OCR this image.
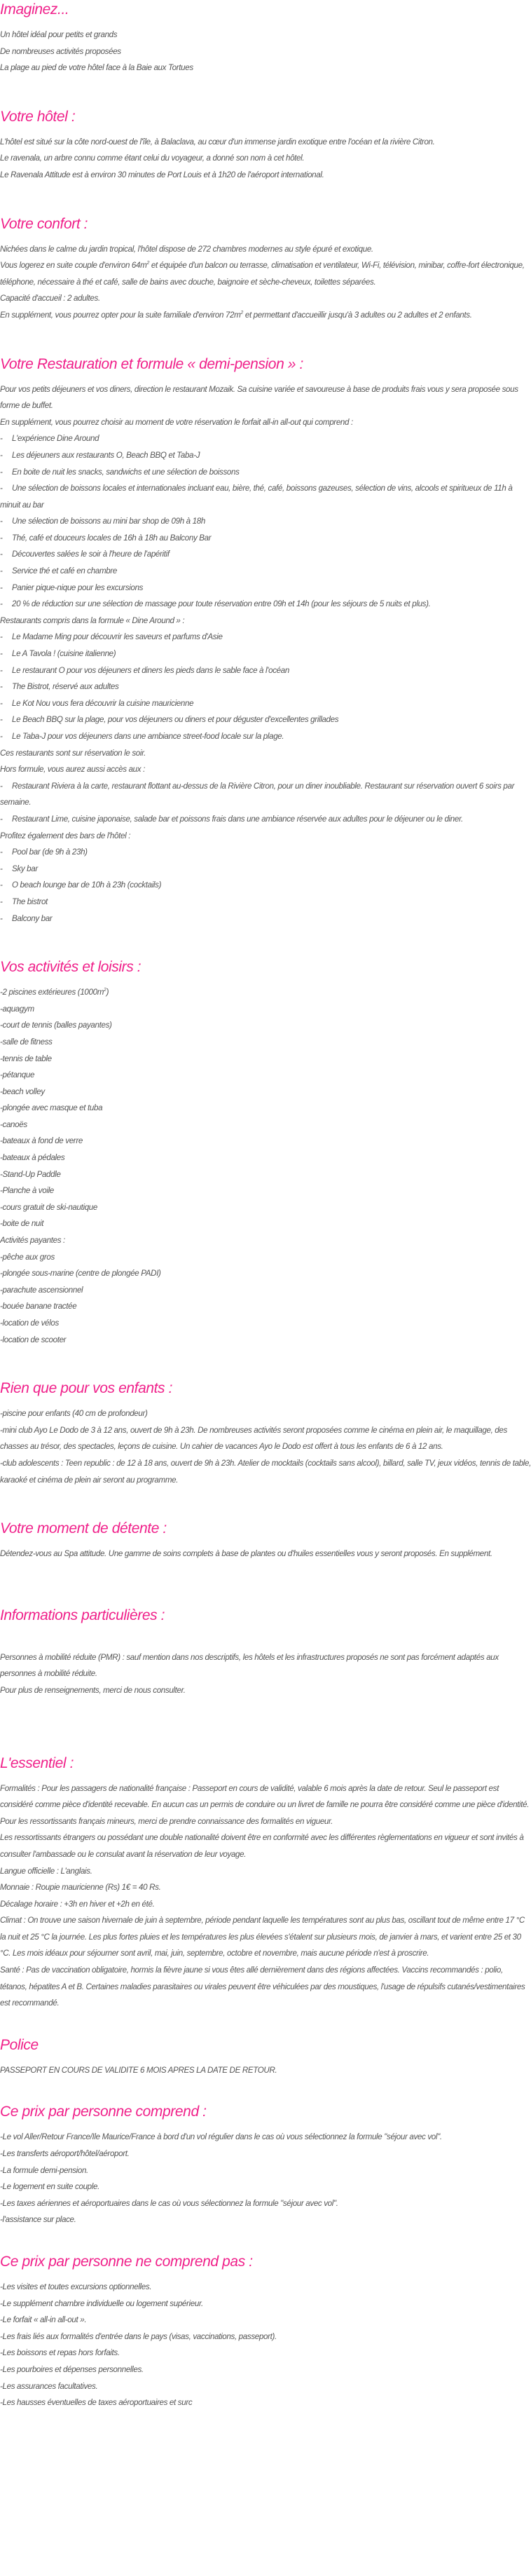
Imaginez...
Un hôtel idéal pour petits et grands
De nombreuses activités proposées
La plage au pied de votre hôtel face à la Baie aux Tortues
Votre hôtel :
L'hôtel est situé sur la côte nord-ouest de l'île, à Balaclava, au cœur d'un immense jardin exotique entre l'océan et la rivière Citron.
Le ravenala, un arbre connu comme étant celui du voyageur, a donné son nom à cet hôtel.
Le Ravenala Attitude est à environ 30 minutes de Port Louis et à 1h20 de l'aéroport international.
Votre confort :
Nichées dans le calme du jardin tropical, l'hôtel dispose de 272 chambres modernes au style épuré et exotique.
Vous logerez en suite couple d'environ $64m^2$ et équipée d'un balcon ou terrasse, climatisation et ventilateur, Wi-Fi, télévision, minibar, coffre-fort électronique, téléphone, nécessaire à thé et café, salle de bains avec douche, baignoire et sèche-cheveux, toilettes séparées.
Capacité d'accueil : 2 adultes.
En supplément, vous pourrez opter pour la suite familiale d'environ $72m^2$ et permettant d'accueillir jusqu'à 3 adultes ou 2 adultes et 2 enfants.
Votre Restauration et formule « demi-pension » :
Pour vos petits déjeuners et vos diners, direction le restaurant Mozaik. Sa cuisine variée et savoureuse à base de produits frais vous y sera proposée sous forme de buffet.
En supplément, vous pourrez choisir au moment de votre réservation le forfait all-in all-out qui comprend :
- L'expérience Dine Around
- Les déjeuners aux restaurants O, Beach BBQ et Taba-J
- En boite de nuit les snacks, sandwichs et une sélection de boissons
- Une sélection de boissons locales et internationales incluant eau, bière, thé, café, boissons gazeuses, sélection de vins, alcools et spiritueux de 11h à minuit au bar
- Une sélection de boissons au mini bar shop de 09h à 18h
- Thé, café et douceurs locales de 16h à 18h au Balcony Bar
- Découvertes salées le soir à l'heure de l'apéritif
- Service thé et café en chambre
- Panier pique-nique pour les excursions
- 20 % de réduction sur une sélection de massage pour toute réservation entre 09h et 14h (pour les séjours de 5 nuits et plus).
Restaurants compris dans la formule « Dine Around » :
- Le Madame Ming pour découvrir les saveurs et parfums d'Asie
- Le A Tavola ! (cuisine italienne)
- Le restaurant O pour vos déjeuners et diners les pieds dans le sable face à l'océan
- The Bistrot, réservé aux adultes
- Le Kot Nou vous fera découvrir la cuisine mauricienne
- Le Beach BBQ sur la plage, pour vos déjeuners ou diners et pour déguster d'excellentes grillades
- Le Taba-J pour vos déjeuners dans une ambiance street-food locale sur la plage.
Ces restaurants sont sur réservation le soir.
Hors formule, vous aurez aussi accès aux :
- Restaurant Riviera à la carte, restaurant flottant au-dessus de la Rivière Citron, pour un diner inoubliable. Restaurant sur réservation ouvert 6 soirs par semaine.
- Restaurant Lime, cuisine japonaise, salade bar et poissons frais dans une ambiance réservée aux adultes pour le déjeuner ou le diner.
Profitez également des bars de l'hôtel :
- Pool bar (de 9h à 23h)
- Sky bar
- O beach lounge bar de 10h à 23h (cocktails)
- The bistrot
- Balcony bar
Vos activités et loisirs :
-2 piscines extérieures $(1000m^2)$
-aquagym
-court de tennis (balles payantes)
-salle de fitness
-tennis de table
-pétanque
-beach volley
-plongée avec masque et tuba
-canoës
-bateaux à fond de verre
-bateaux à pédales
-Stand-Up Paddle
-Planche à voile
-cours gratuit de ski-nautique
-boite de nuit
Activités payantes :
-pêche aux gros
-plongée sous-marine (centre de plongée PADI)
-parachute ascensionnel
-bouée banane tractée
-location de vélos
-location de scooter
Rien que pour vos enfants :
-piscine pour enfants (40 cm de profondeur)
-mini club Ayo Le Dodo de 3 à 12 ans, ouvert de 9h à 23h. De nombreuses activités seront proposées comme le cinéma en plein air, le maquillage, des chasses au trésor, des spectacles, leçons de cuisine. Un cahier de vacances Ayo le Dodo est offert à tous les enfants de 6 à 12 ans.
-club adolescents : Teen republic : de 12 à 18 ans, ouvert de 9h à 23h. Atelier de mocktails (cocktails sans alcool), billard, salle TV, jeux vidéos, tennis de table, karaoké et cinéma de plein air seront au programme.
Votre moment de détente :
Détendez-vous au Spa attitude. Une gamme de soins complets à base de plantes ou d'huiles essentielles vous y seront proposés. En supplément.
Informations particulières :
Personnes à mobilité réduite (PMR) : sauf mention dans nos descriptifs, les hôtels et les infrastructures proposés ne sont pas forcément adaptés aux personnes à mobilité réduite.
Pour plus de renseignements, merci de nous consulter.
L'essentiel :
Formalités : Pour les passagers de nationalité française : Passeport en cours de validité, valable 6 mois après la date de retour. Seul le passeport est considéré comme pièce d'identité recevable. En aucun cas un permis de conduire ou un livret de famille ne pourra être considéré comme une pièce d'identité.
Pour les ressortissants français mineurs, merci de prendre connaissance des formalités en vigueur.
Les ressortissants étrangers ou possédant une double nationalité doivent être en conformité avec les différentes règlementations en vigueur et sont invités à consulter l'ambassade ou le consulat avant la réservation de leur voyage.
Langue officielle : L'anglais.
Monnaie : Roupie mauricienne (Rs) 1€ = 40 Rs.
Décalage horaire : +3h en hiver et +2h en été.
Climat : On trouve une saison hivernale de juin à septembre, période pendant laquelle les températures sont au plus bas, oscillant tout de même entre 17 °C la nuit et 25 °C la journée. Les plus fortes pluies et les températures les plus élevées s'étalent sur plusieurs mois, de janvier à mars, et varient entre 25 et 30 °C. Les mois idéaux pour séjourner sont avril, mai, juin, septembre, octobre et novembre, mais aucune période n'est à proscrire.
Santé : Pas de vaccination obligatoire, hormis la fièvre jaune si vous êtes allé dernièrement dans des régions affectées. Vaccins recommandés : polio, tétanos, hépatites A et B. Certaines maladies parasitaires ou virales peuvent être véhiculées par des moustiques, l'usage de répulsifs cutanés/vestimentaires est recommandé.
Police
PASSEPORT EN COURS DE VALIDITE 6 MOIS APRES LA DATE DE RETOUR.
Ce prix par personne comprend :
-Le vol Aller/Retour France/Ile Maurice/France à bord d'un vol régulier dans le cas où vous sélectionnez la formule "séjour avec vol".
-Les transferts aéroport/hôtel/aéroport.
-La formule demi-pension.
-Le logement en suite couple.
-Les taxes aériennes et aéroportuaires dans le cas où vous sélectionnez la formule "séjour avec vol".
-l'assistance sur place.
Ce prix par personne ne comprend pas :
-Les visites et toutes excursions optionnelles.
-Le supplément chambre individuelle ou logement supérieur.
-Le forfait « all-in all-out ».
-Les frais liés aux formalités d'entrée dans le pays (visas, vaccinations, passeport).
-Les boissons et repas hors forfaits.
-Les pourboires et dépenses personnelles.
-Les assurances facultatives.
-Les hausses éventuelles de taxes aéroportuaires et surc
